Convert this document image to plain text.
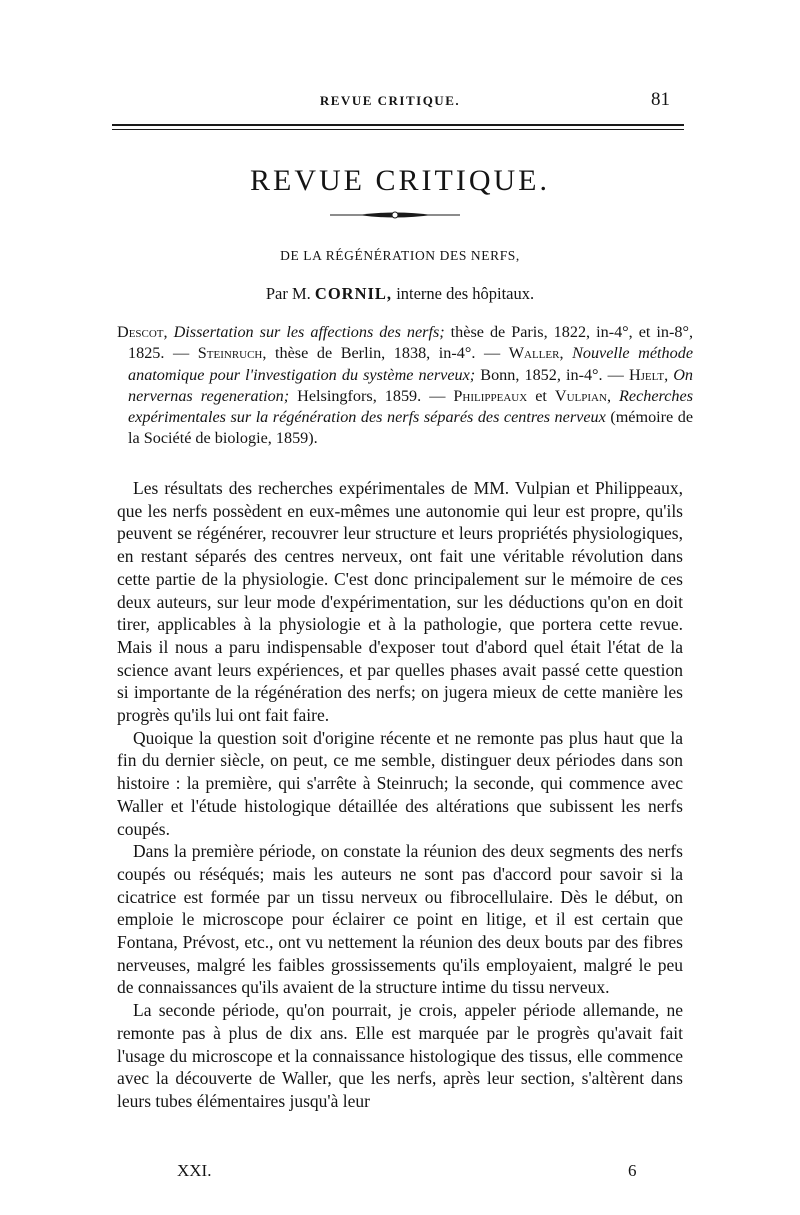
REVUE CRITIQUE.	81
REVUE CRITIQUE.
DE LA RÉGÉNÉRATION DES NERFS,
Par M. CORNIL, interne des hôpitaux.

Descot, Dissertation sur les affections des nerfs; thèse de Paris, 1822, in-4°, et in-8°, 1825. — Steinruch, thèse de Berlin, 1838, in-4°. — Waller, Nouvelle méthode anatomique pour l'investigation du système nerveux; Bonn, 1852, in-4°. — Hjelt, On nervernas regeneration; Helsingfors, 1859. — Philippeaux et Vulpian, Recherches expérimentales sur la régénération des nerfs séparés des centres nerveux (mémoire de la Société de biologie, 1859).

Les résultats des recherches expérimentales de MM. Vulpian et Philippeaux, que les nerfs possèdent en eux-mêmes une autonomie qui leur est propre, qu'ils peuvent se régénérer, recouvrer leur structure et leurs propriétés physiologiques, en restant séparés des centres nerveux, ont fait une véritable révolution dans cette partie de la physiologie. C'est donc principalement sur le mémoire de ces deux auteurs, sur leur mode d'expérimentation, sur les déductions qu'on en doit tirer, applicables à la physiologie et à la pathologie, que portera cette revue. Mais il nous a paru indispensable d'exposer tout d'abord quel était l'état de la science avant leurs expériences, et par quelles phases avait passé cette question si importante de la régénération des nerfs; on jugera mieux de cette manière les progrès qu'ils lui ont fait faire.

Quoique la question soit d'origine récente et ne remonte pas plus haut que la fin du dernier siècle, on peut, ce me semble, distinguer deux périodes dans son histoire : la première, qui s'arrête à Steinruch; la seconde, qui commence avec Waller et l'étude histologique détaillée des altérations que subissent les nerfs coupés.

Dans la première période, on constate la réunion des deux segments des nerfs coupés ou réséqués; mais les auteurs ne sont pas d'accord pour savoir si la cicatrice est formée par un tissu nerveux ou fibrocellulaire. Dès le début, on emploie le microscope pour éclairer ce point en litige, et il est certain que Fontana, Prévost, etc., ont vu nettement la réunion des deux bouts par des fibres nerveuses, malgré les faibles grossissements qu'ils employaient, malgré le peu de connaissances qu'ils avaient de la structure intime du tissu nerveux.

La seconde période, qu'on pourrait, je crois, appeler période allemande, ne remonte pas à plus de dix ans. Elle est marquée par le progrès qu'avait fait l'usage du microscope et la connaissance histologique des tissus, elle commence avec la découverte de Waller, que les nerfs, après leur section, s'altèrent dans leurs tubes élémentaires jusqu'à leur

XXI.	6
